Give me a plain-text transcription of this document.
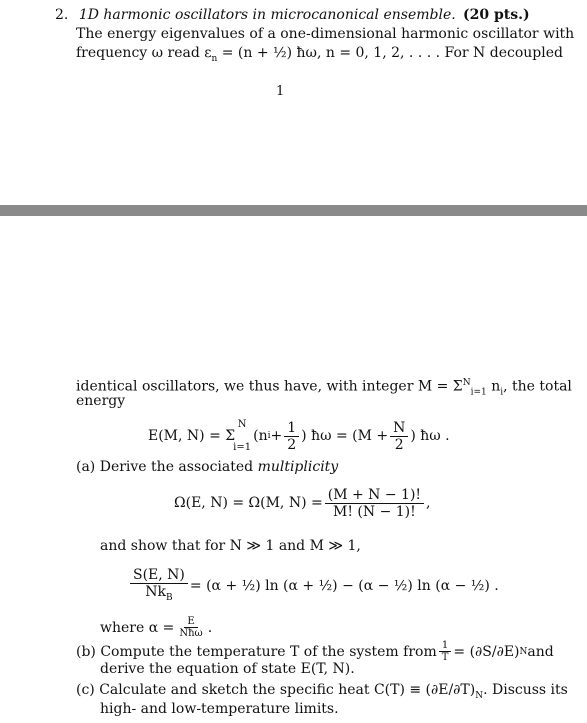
2. 1D harmonic oscillators in microcanonical ensemble. (20 pts.)
The energy eigenvalues of a one-dimensional harmonic oscillator with
frequency ω read $\varepsilon_n = (n$ + ½) ħω, n = 0, 1, 2, . . . . For N decoupled
1
identical oscillators, we thus have, with integer $M = \Sigma^N_{i=1}$ $n_i$, the total
energy
E(M, N) = Σ
N
i=1
(n $i + \frac{1}{2}$ ) ħω = ($M + \frac{N}{2}$ ) ħω .
(a) Derive the associated multiplicity
Ω(E, N) = Ω(M, $N) = \frac{(M + N - 1)!}{M! (N - 1)!}$ ,
and show that for N ≫ 1 and M ≫ 1,
$\frac{S(E, N)}{Nk_B} = (\alpha$ + ½) ln (α + ½) − (α − ½) ln (α − ½) .
where $\alpha = \frac{E}{\text{Nħω}}$ .
(b) Compute the temperature T of the system from $\frac{1}{T} = (\partial S/\partial E)$ N and
derive the equation of state E(T, N).
(c) Calculate and sketch the specific heat $C(T) \equiv (\partial E/\partial T)_N$. Discuss its
high- and low-temperature limits.
